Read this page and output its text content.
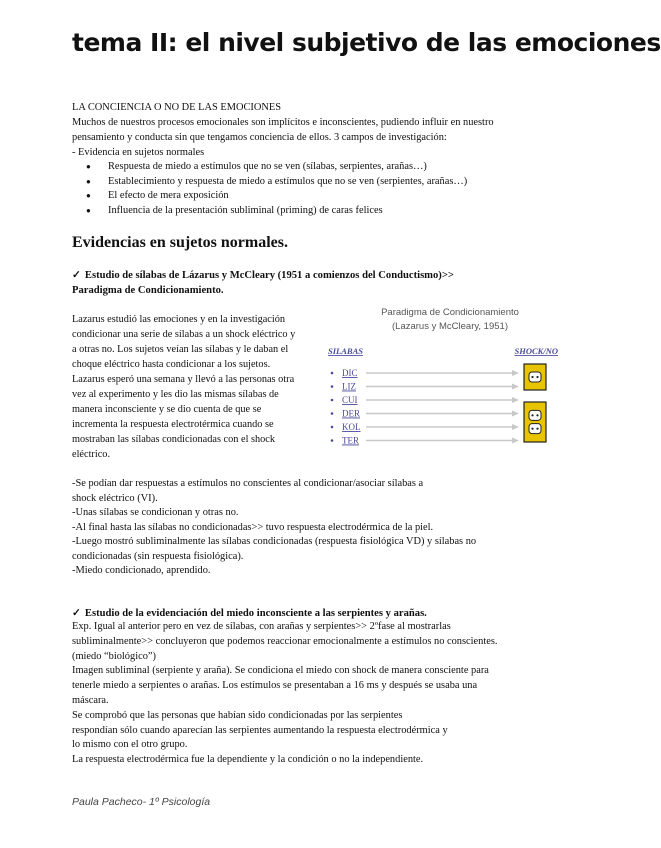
tema II: el nivel subjetivo de las emociones

LA CONCIENCIA O NO DE LAS EMOCIONES

Muchos de nuestros procesos emocionales son implícitos e inconscientes, pudiendo influir en nuestro

pensamiento y conducta sin que tengamos conciencia de ellos. 3 campos de investigación:

- Evidencia en sujetos normales

● Respuesta de miedo a estímulos que no se ven (sílabas, serpientes, arañas…)
● Establecimiento y respuesta de miedo a estímulos que no se ven (serpientes, arañas…)
● El efecto de mera exposición
● Influencia de la presentación subliminal (priming) de caras felices
Evidencias en sujetos normales.
✓ Estudio de sílabas de Lázarus y McCleary (1951 a comienzos del Conductismo)>>
Paradigma de Condicionamiento.
Lazarus estudió las emociones y en la investigación
condicionar una serie de sílabas a un shock eléctrico y
a otras no. Los sujetos veían las sílabas y le daban el
choque eléctrico hasta condicionar a los sujetos.
Lazarus esperó una semana y llevó a las personas otra
vez al experimento y les dio las mismas sílabas de
manera inconsciente y se dio cuenta de que se
incrementa la respuesta electrotérmica cuando se
mostraban las sílabas condicionadas con el shock
eléctrico.
Paradigma de Condicionamiento
(Lazarus y McCleary, 1951)
SILABAS	SHOCK/NO
DIC
LIZ
CUI
DER
KOL
TER

-Se podían dar respuestas a estímulos no conscientes al condicionar/asociar sílabas a

shock eléctrico (VI).

-Unas sílabas se condicionan y otras no.

-Al final hasta las sílabas no condicionadas>> tuvo respuesta electrodérmica de la piel.

-Luego mostró subliminalmente las sílabas condicionadas (respuesta fisiológica VD) y sílabas no

condicionadas (sin respuesta fisiológica).

-Miedo condicionado, aprendido.

✓ Estudio de la evidenciación del miedo inconsciente a las serpientes y arañas.

Exp. Igual al anterior pero en vez de sílabas, con arañas y serpientes>> 2ºfase al mostrarlas

subliminalmente>> concluyeron que podemos reaccionar emocionalmente a estímulos no conscientes.

(miedo “biológico”)

Imagen subliminal (serpiente y araña). Se condiciona el miedo con shock de manera consciente para

tenerle miedo a serpientes o arañas. Los estímulos se presentaban a 16 ms y después se usaba una

máscara.

Se comprobó que las personas que habían sido condicionadas por las serpientes

respondían sólo cuando aparecían las serpientes aumentando la respuesta electrodérmica y

lo mismo con el otro grupo.

La respuesta electrodérmica fue la dependiente y la condición o no la independiente.

Paula Pacheco- 1º Psicología
